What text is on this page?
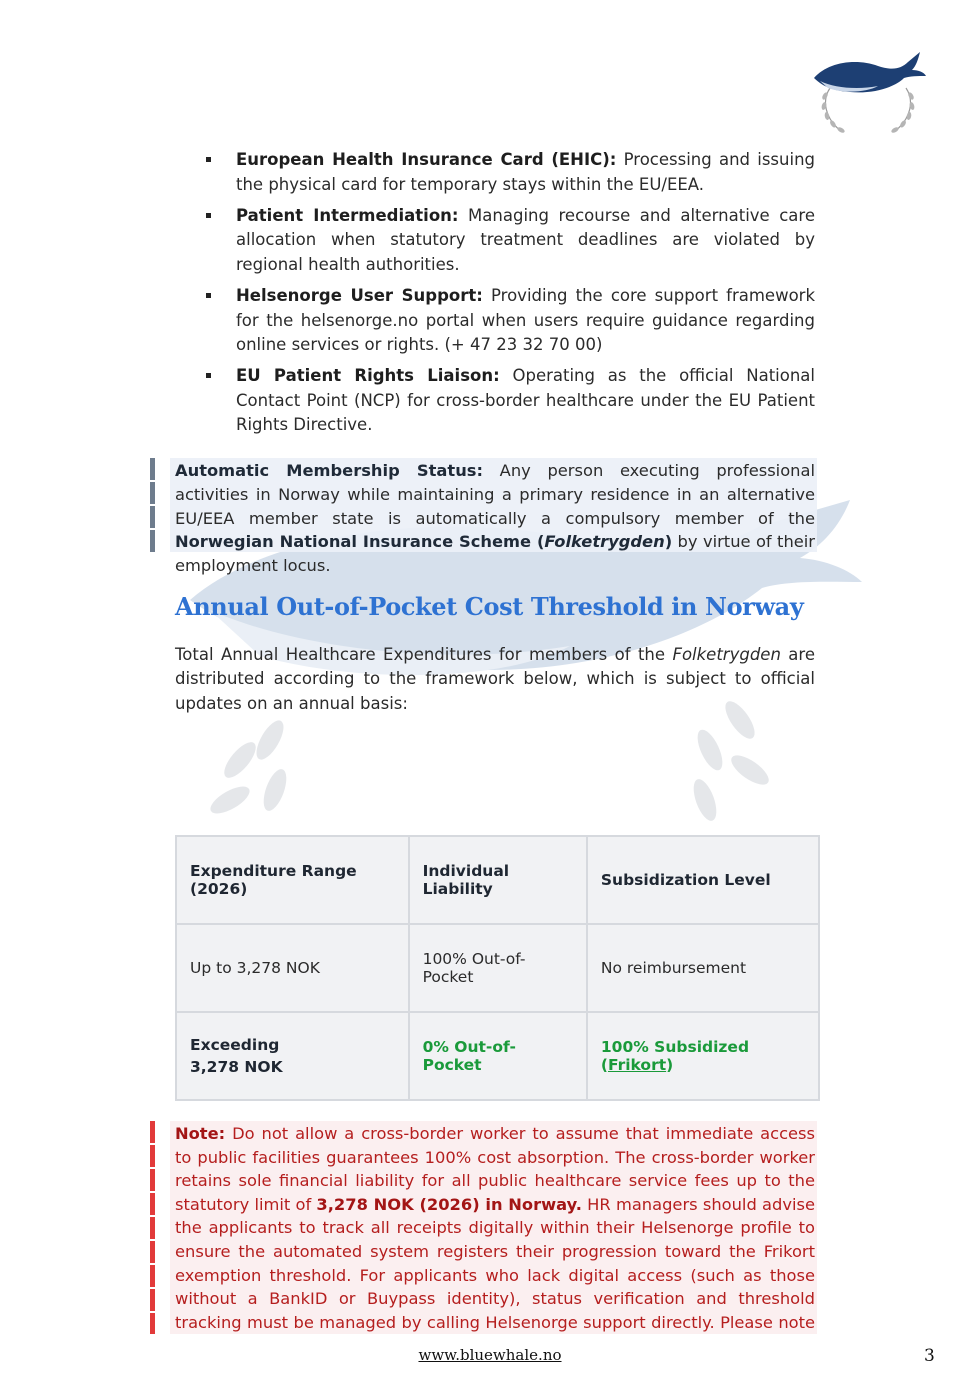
European Health Insurance Card (EHIC): Processing and issuing the physical card for temporary stays within the EU/EEA.
Patient Intermediation: Managing recourse and alternative care allocation when statutory treatment deadlines are violated by regional health authorities.
Helsenorge User Support: Providing the core support framework for the helsenorge.no portal when users require guidance regarding online services or rights. (+ 47 23 32 70 00)
EU Patient Rights Liaison: Operating as the official National Contact Point (NCP) for cross-border healthcare under the EU Patient Rights Directive.
Automatic Membership Status: Any person executing professional activities in Norway while maintaining a primary residence in an alternative EU/EEA member state is automatically a compulsory member of the Norwegian National Insurance Scheme (Folketrygden) by virtue of their employment locus.
Annual Out-of-Pocket Cost Threshold in Norway

Total Annual Healthcare Expenditures for members of the Folketrygden are distributed according to the framework below, which is subject to official updates on an annual basis:

Expenditure Range (2026)	Individual Liability	Subsidization Level
Up to 3,278 NOK	100% Out-of-Pocket	No reimbursement
Exceeding 3,278 NOK	0% Out-of-Pocket	100% Subsidized (Frikort)
Note: Do not allow a cross-border worker to assume that immediate access to public facilities guarantees 100% cost absorption. The cross-border worker retains sole financial liability for all public healthcare service fees up to the statutory limit of 3,278 NOK (2026) in Norway. HR managers should advise the applicants to track all receipts digitally within their Helsenorge profile to ensure the automated system registers their progression toward the Frikort exemption threshold. For applicants who lack digital access (such as those without a BankID or Buypass identity), status verification and threshold tracking must be managed by calling Helsenorge support directly. Please note
www.bluewhale.no	3
